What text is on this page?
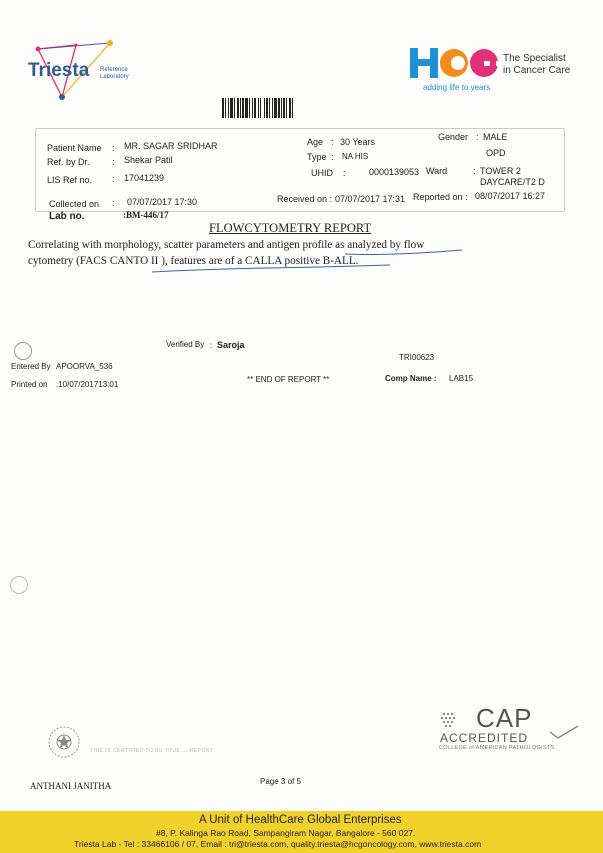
Triesta Reference Laboratory
adding life to years
The Specialist
in Cancer Care
Patient Name : MR. SAGAR SRIDHAR
Ref. by Dr. : Shekar Patil
LIS Ref no. : 17041239
Collected on : 07/07/2017 17:30
Lab no.	:BM-446/17
Age : 30 Years
Type : NA HIS
UHID :	0000139053
Gender : MALE
OPD
Ward	: TOWER 2
DAYCARE/T2 D
Received on : 07/07/2017 17:31 Reported on : 08/07/2017 16:27
FLOWCYTOMETRY REPORT
Correlating with morphology, scatter parameters and antigen profile as analyzed by flow
cytometry (FACS CANTO II ), features are of a CALLA positive B-ALL.
Verified By : Saroja
TRI00623
Entered By APOORVA_536
Printed on :10/07/201713:01
** END OF REPORT **	Comp Name : LAB15
THIS IS CERTIFIED TO BE TRUE ... REPORT
CAP
ACCREDITED
COLLEGE of AMERICAN PATHOLOGISTS
ANTHANI JANITHA	Page 3 of 5
A Unit of HealthCare Global Enterprises
#8, P. Kalinga Rao Road, Sampangiram Nagar, Bangalore - 560 027.
Triesta Lab - Tel : 33466106 / 07, Email : tri@triesta.com, quality.triesta@hcgoncology.com, www.triesta.com
